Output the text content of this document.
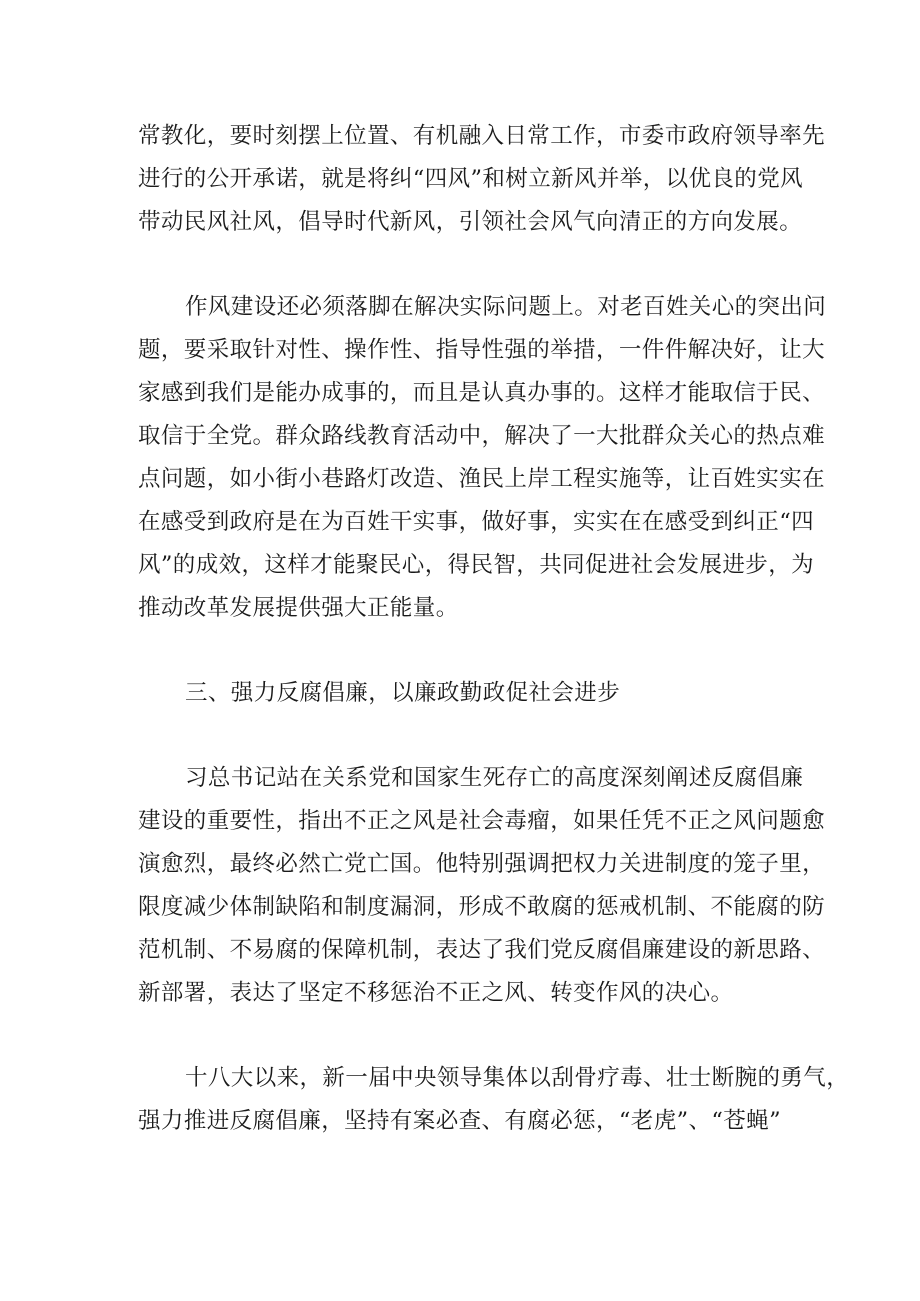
常教化，要时刻摆上位置、有机融入日常工作，市委市政府领导率先
进行的公开承诺，就是将纠“四风”和树立新风并举，以优良的党风
带动民风社风，倡导时代新风，引领社会风气向清正的方向发展。
作风建设还必须落脚在解决实际问题上。对老百姓关心的突出问
题，要采取针对性、操作性、指导性强的举措，一件件解决好，让大
家感到我们是能办成事的，而且是认真办事的。这样才能取信于民、
取信于全党。群众路线教育活动中，解决了一大批群众关心的热点难
点问题，如小街小巷路灯改造、渔民上岸工程实施等，让百姓实实在
在感受到政府是在为百姓干实事，做好事，实实在在感受到纠正“四
风”的成效，这样才能聚民心，得民智，共同促进社会发展进步，为
推动改革发展提供强大正能量。
三、强力反腐倡廉，以廉政勤政促社会进步
习总书记站在关系党和国家生死存亡的高度深刻阐述反腐倡廉
建设的重要性，指出不正之风是社会毒瘤，如果任凭不正之风问题愈
演愈烈，最终必然亡党亡国。他特别强调把权力关进制度的笼子里，
限度减少体制缺陷和制度漏洞，形成不敢腐的惩戒机制、不能腐的防
范机制、不易腐的保障机制，表达了我们党反腐倡廉建设的新思路、
新部署，表达了坚定不移惩治不正之风、转变作风的决心。
十八大以来，新一届中央领导集体以刮骨疗毒、壮士断腕的勇气，
强力推进反腐倡廉，坚持有案必查、有腐必惩，“老虎”、“苍蝇”
